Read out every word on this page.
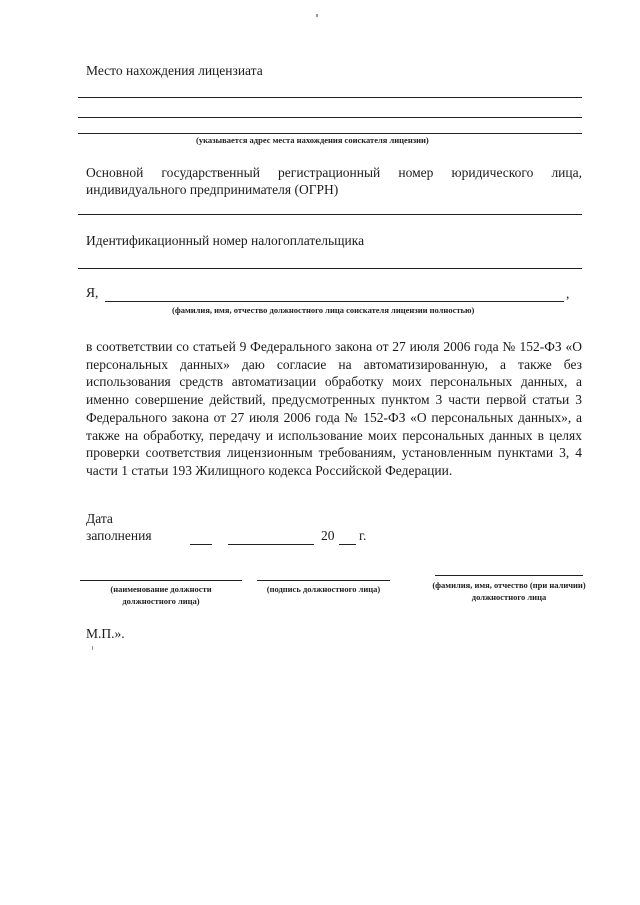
Место нахождения лицензиата
(указывается адрес места нахождения соискателя лицензии)
Основной государственный регистрационный номер юридического лица,
индивидуального предпринимателя (ОГРН)
Идентификационный номер налогоплательщика
Я,	,
(фамилия, имя, отчество должностного лица соискателя лицензии полностью)
в соответствии со статьей 9 Федерального закона от 27 июля 2006 года № 152-ФЗ «О персональных данных» даю согласие на автоматизированную, а также без использования средств автоматизации обработку моих персональных данных, а именно совершение действий, предусмотренных пунктом 3 части первой статьи 3 Федерального закона от 27 июля 2006 года № 152-ФЗ «О персональных данных», а также на обработку, передачу и использование моих персональных данных в целях проверки соответствия лицензионным требованиям, установленным пунктами 3, 4 части 1 статьи 193 Жилищного кодекса Российской Федерации.
Дата
заполнения	20 г.
(наименование должности должностного лица)
(подпись должностного лица)	(фамилия, имя, отчество (при наличии) должностного лица
М.П.».
